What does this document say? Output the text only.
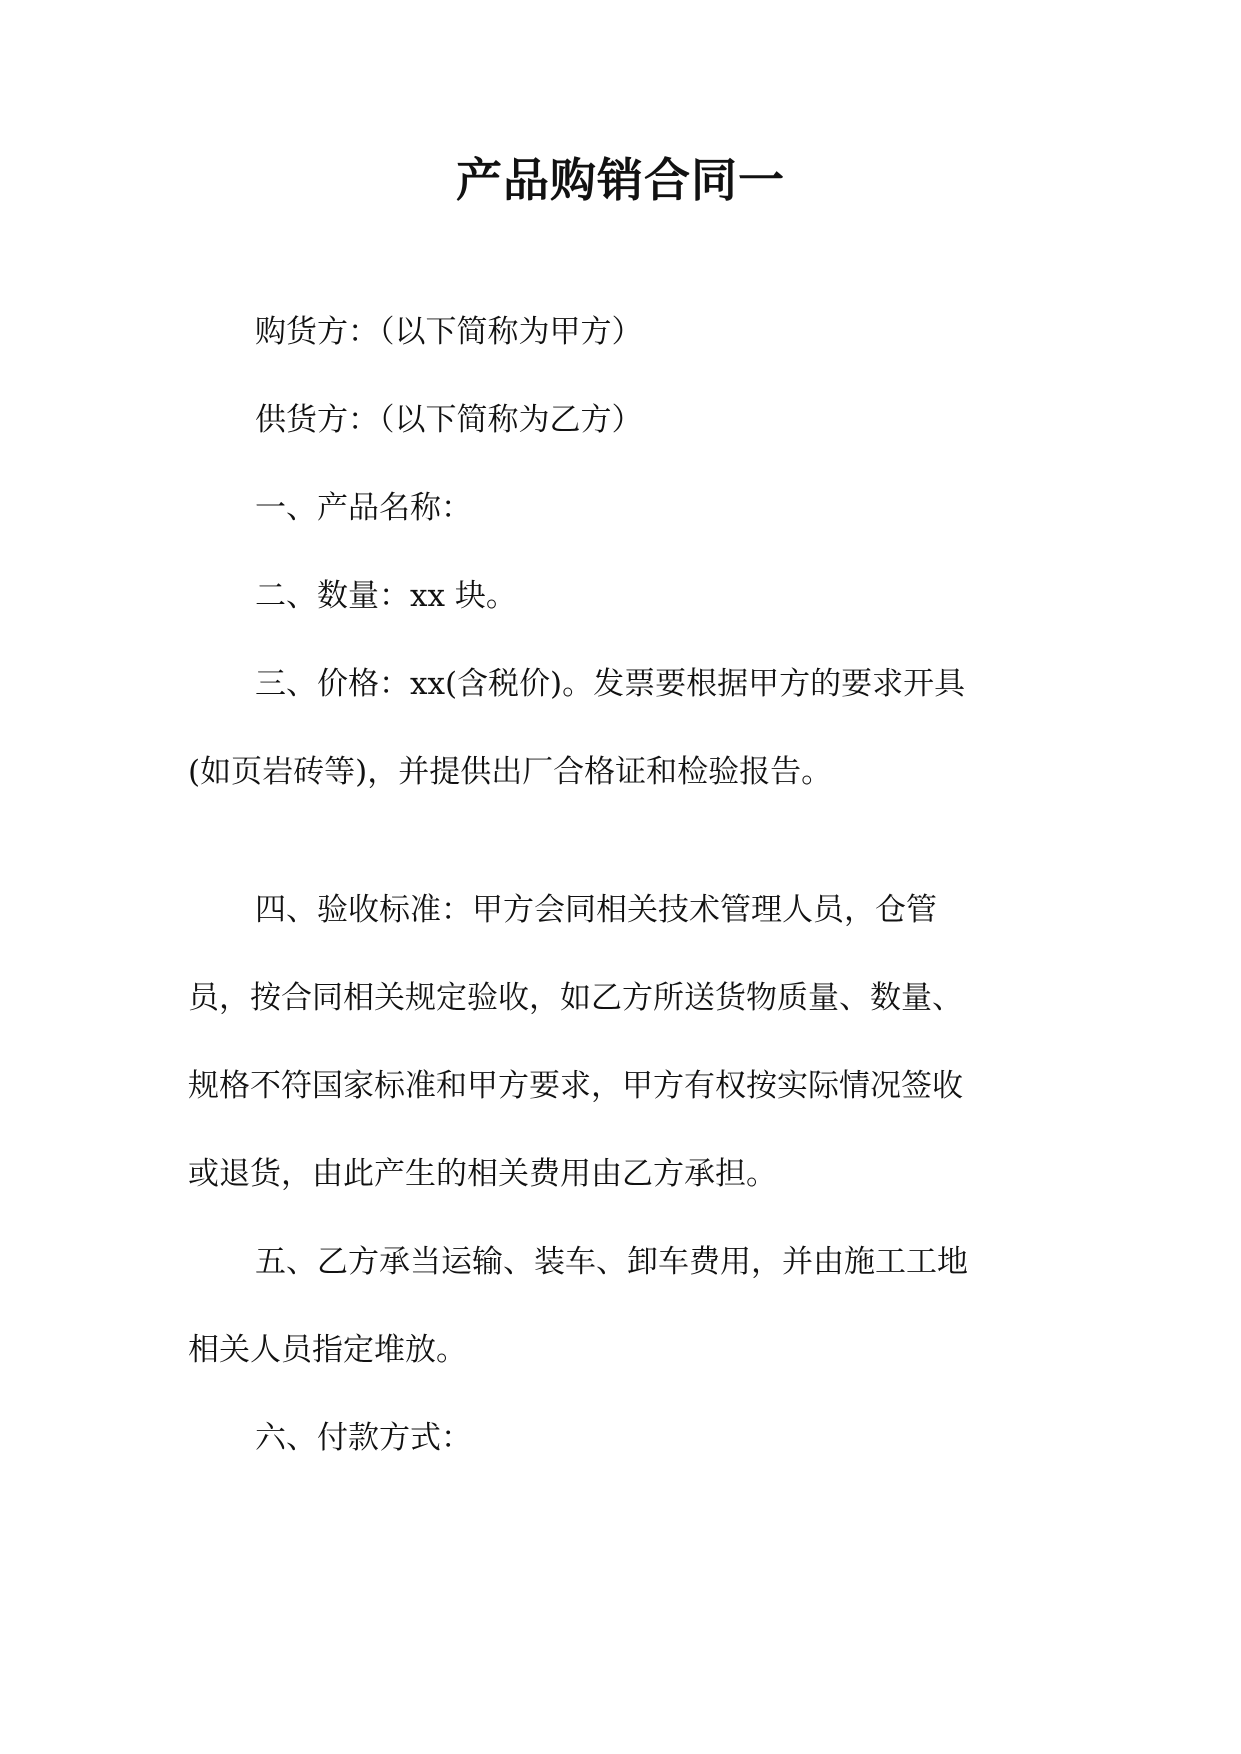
产品购销合同一
购货方：（以下简称为甲方）
供货方：（以下简称为乙方）
一、产品名称：
二、数量：xx 块。
三、价格：xx(含税价)。发票要根据甲方的要求开具
(如页岩砖等)，并提供出厂合格证和检验报告。
四、验收标准：甲方会同相关技术管理人员，仓管
员，按合同相关规定验收，如乙方所送货物质量、数量、
规格不符国家标准和甲方要求，甲方有权按实际情况签收
或退货，由此产生的相关费用由乙方承担。
五、乙方承当运输、装车、卸车费用，并由施工工地
相关人员指定堆放。
六、付款方式：
